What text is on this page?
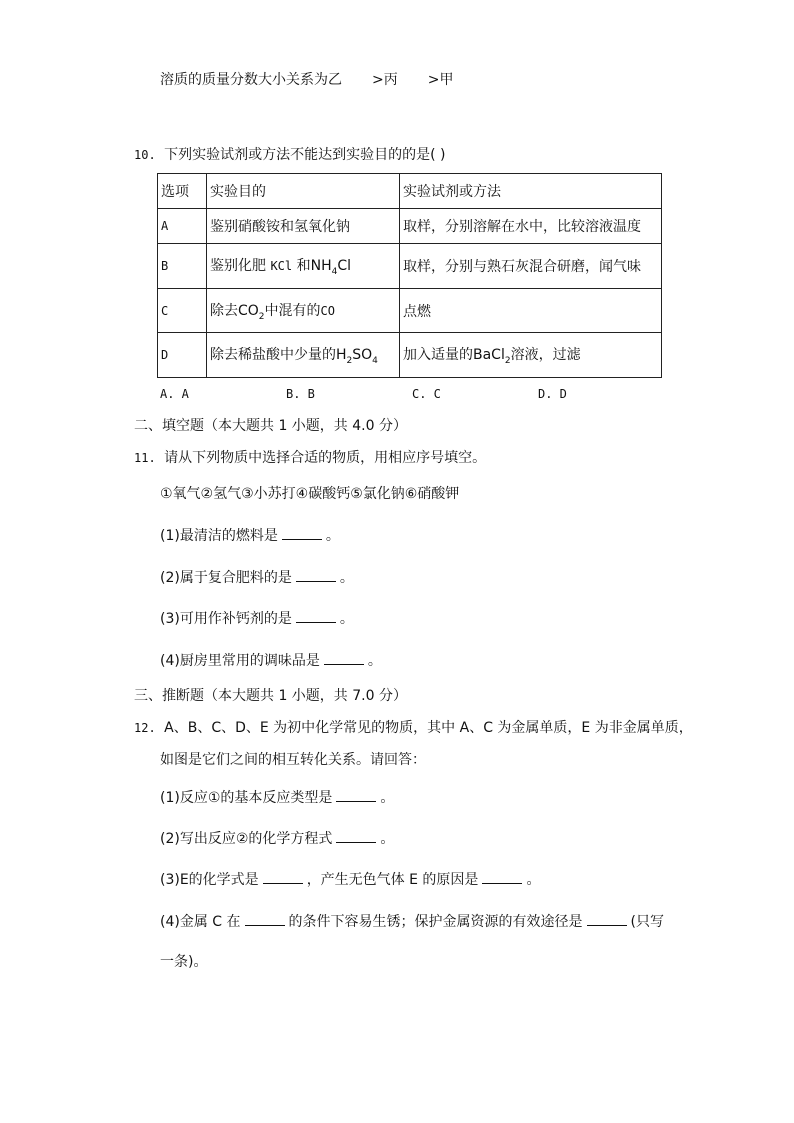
溶质的质量分数大小关系为乙 >丙 >甲
10. 下列实验试剂或方法不能达到实验目的的是( )
选项	实验目的	实验试剂或方法
A	鉴别硝酸铵和氢氧化钠	取样，分别溶解在水中，比较溶液温度
B	鉴别化肥 KCl 和$NH_4Cl$	取样，分别与熟石灰混合研磨，闻气味
C	除去$CO_2$中混有的CO	点燃
D	除去稀盐酸中少量的$H_2SO_4$	加入适量的BaCl$_2$溶液，过滤
A. A	B. B	C. C	D. D
二、填空题（本大题共 1 小题，共 4.0 分）
11. 请从下列物质中选择合适的物质，用相应序号填空。
①氧气②氢气③小苏打④碳酸钙⑤氯化钠⑥硝酸钾
(1)最清洁的燃料是	。
(2)属于复合肥料的是	。
(3)可用作补钙剂的是	。
(4)厨房里常用的调味品是	。
三、推断题（本大题共 1 小题，共 7.0 分）
12. A、B、C、D、E 为初中化学常见的物质，其中 A、C 为金属单质，E 为非金属单质，
如图是它们之间的相互转化关系。请回答：
(1)反应①的基本反应类型是	。
(2)写出反应②的化学方程式	。
(3)E的化学式是	，产生无色气体 E 的原因是	。
(4)金属 C 在	的条件下容易生锈；保护金属资源的有效途径是	(只写
一条)。
